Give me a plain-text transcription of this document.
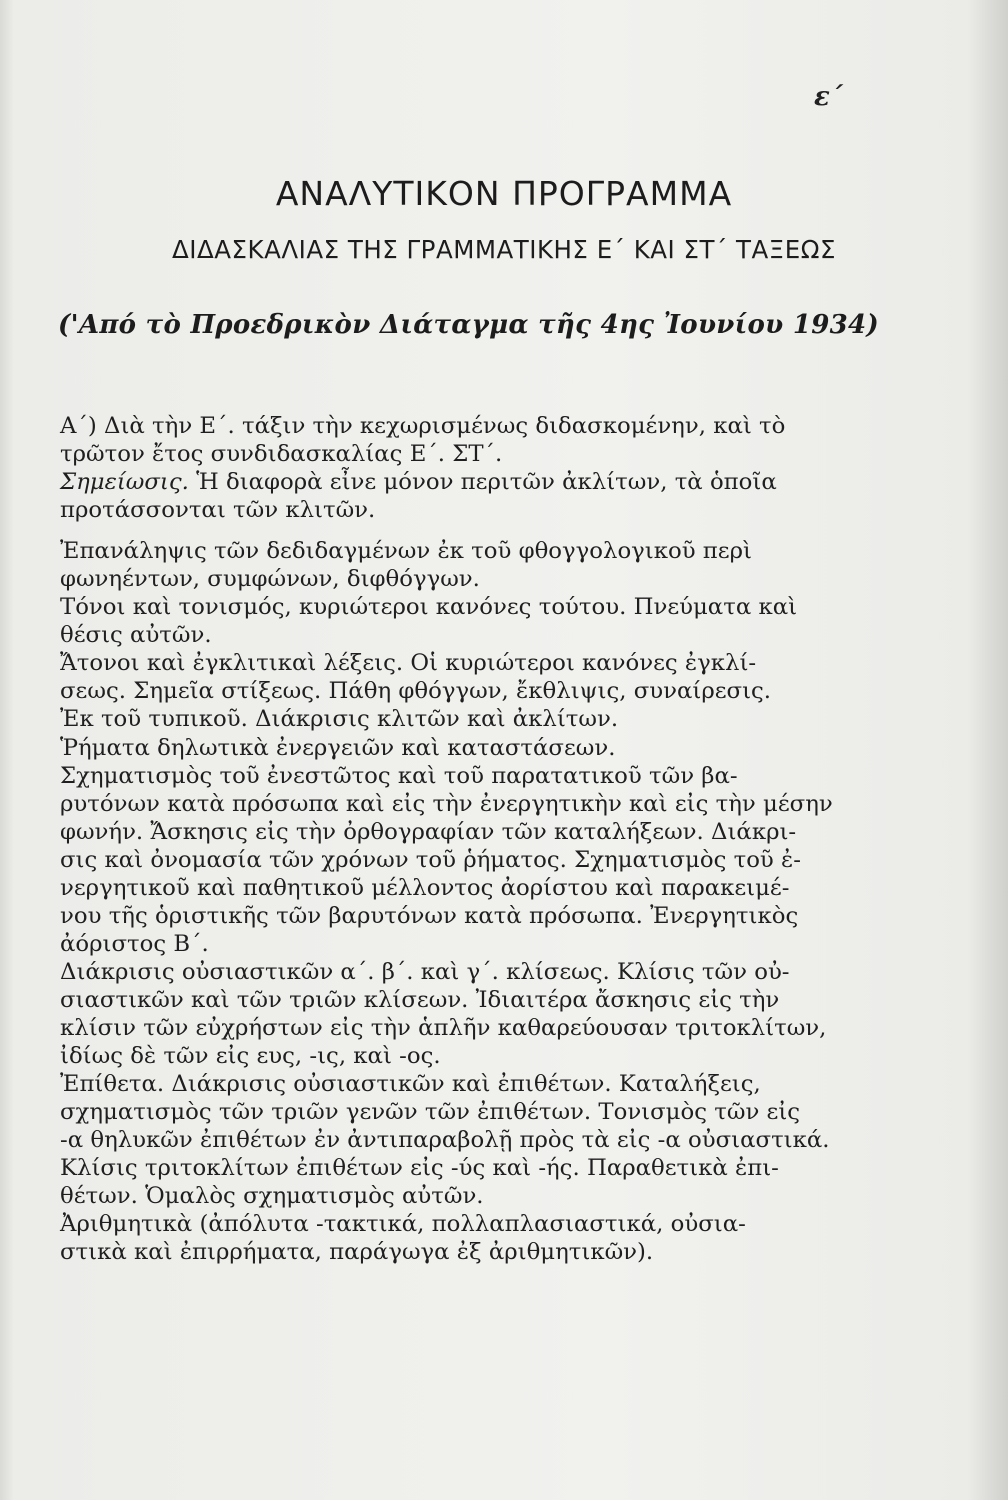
ε΄
ΑΝΑΛΥΤΙΚΟΝ ΠΡΟΓΡΑΜΜΑ
ΔΙΔΑΣΚΑΛΙΑΣ ΤΗΣ ΓΡΑΜΜΑΤΙΚΗΣ Ε΄ ΚΑΙ ΣΤ΄ ΤΑΞΕΩΣ
('Από τὸ Προεδρικὸν Διάταγμα τῆς 4ης Ἰουνίου 1934)
Α΄) Διὰ τὴν Ε΄. τάξιν τὴν κεχωρισμένως διδασκομένην, καὶ τὸ
τρῶτον ἔτος συνδιδασκαλίας Ε΄. ΣΤ΄.
Σημείωσις. Ἡ διαφορὰ εἶνε μόνον περιτῶν ἀκλίτων, τὰ ὁποῖα
προτάσσονται τῶν κλιτῶν.
Ἐπανάληψις τῶν δεδιδαγμένων ἐκ τοῦ φθογγολογικοῦ περὶ
φωνηέντων, συμφώνων, διφθόγγων.
Τόνοι καὶ τονισμός, κυριώτεροι κανόνες τούτου. Πνεύματα καὶ
θέσις αὐτῶν.
Ἄτονοι καὶ ἐγκλιτικαὶ λέξεις. Οἱ κυριώτεροι κανόνες ἐγκλί-
σεως. Σημεῖα στίξεως. Πάθη φθόγγων, ἔκθλιψις, συναίρεσις.
Ἐκ τοῦ τυπικοῦ. Διάκρισις κλιτῶν καὶ ἀκλίτων.
Ῥήματα δηλωτικὰ ἐνεργειῶν καὶ καταστάσεων.
Σχηματισμὸς τοῦ ἐνεστῶτος καὶ τοῦ παρατατικοῦ τῶν βα-
ρυτόνων κατὰ πρόσωπα καὶ εἰς τὴν ἐνεργητικὴν καὶ εἰς τὴν μέσην
φωνήν. Ἄσκησις εἰς τὴν ὀρθογραφίαν τῶν καταλήξεων. Διάκρι-
σις καὶ ὀνομασία τῶν χρόνων τοῦ ῥήματος. Σχηματισμὸς τοῦ ἐ-
νεργητικοῦ καὶ παθητικοῦ μέλλοντος ἀορίστου καὶ παρακειμέ-
νου τῆς ὁριστικῆς τῶν βαρυτόνων κατὰ πρόσωπα. Ἐνεργητικὸς
ἀόριστος Β΄.
Διάκρισις οὐσιαστικῶν α΄. β΄. καὶ γ΄. κλίσεως. Κλίσις τῶν οὐ-
σιαστικῶν καὶ τῶν τριῶν κλίσεων. Ἰδιαιτέρα ἄσκησις εἰς τὴν
κλίσιν τῶν εὐχρήστων εἰς τὴν ἁπλῆν καθαρεύουσαν τριτοκλίτων,
ἰδίως δὲ τῶν εἰς ευς, -ις, καὶ -ος.
Ἐπίθετα. Διάκρισις οὐσιαστικῶν καὶ ἐπιθέτων. Καταλήξεις,
σχηματισμὸς τῶν τριῶν γενῶν τῶν ἐπιθέτων. Τονισμὸς τῶν εἰς
-α θηλυκῶν ἐπιθέτων ἐν ἀντιπαραβολῇ πρὸς τὰ εἰς -α οὐσιαστικά.
Κλίσις τριτοκλίτων ἐπιθέτων εἰς -ύς καὶ -ής. Παραθετικὰ ἐπι-
θέτων. Ὁμαλὸς σχηματισμὸς αὐτῶν.
Ἀριθμητικὰ (ἀπόλυτα -τακτικά, πολλαπλασιαστικά, οὐσια-
στικὰ καὶ ἐπιρρήματα, παράγωγα ἐξ ἀριθμητικῶν).
